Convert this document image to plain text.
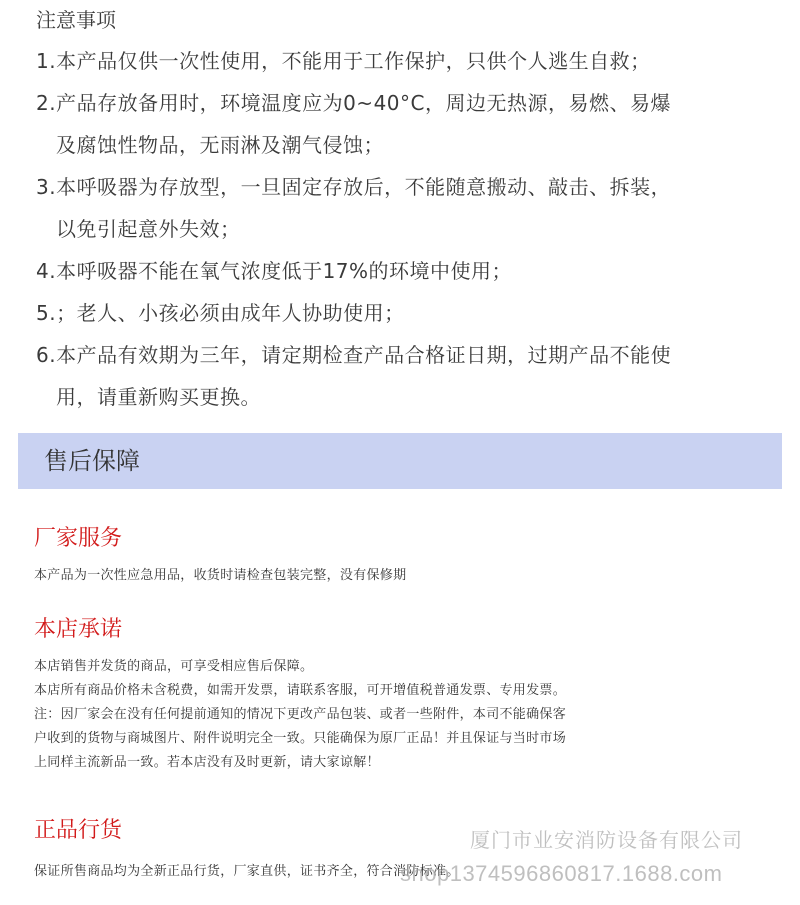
注意事项
1.本产品仅供一次性使用，不能用于工作保护，只供个人逃生自救；
2.产品存放备用时，环境温度应为0~40°C，周边无热源，易燃、易爆
及腐蚀性物品，无雨淋及潮气侵蚀；
3.本呼吸器为存放型，一旦固定存放后，不能随意搬动、敲击、拆装，
以免引起意外失效；
4.本呼吸器不能在氧气浓度低于17%的环境中使用；
5.；老人、小孩必须由成年人协助使用；
6.本产品有效期为三年，请定期检查产品合格证日期，过期产品不能使
用，请重新购买更换。
售后保障
厂家服务

本产品为一次性应急用品，收货时请检查包装完整，没有保修期

本店承诺

本店销售并发货的商品，可享受相应售后保障。

本店所有商品价格未含税费，如需开发票，请联系客服，可开增值税普通发票、专用发票。

注：因厂家会在没有任何提前通知的情况下更改产品包装、或者一些附件，本司不能确保客

户收到的货物与商城图片、附件说明完全一致。只能确保为原厂正品！并且保证与当时市场

上同样主流新品一致。若本店没有及时更新，请大家谅解！

正品行货

保证所售商品均为全新正品行货，厂家直供，证书齐全，符合消防标准。

厦门市业安消防设备有限公司
shop1374596860817.1688.com
